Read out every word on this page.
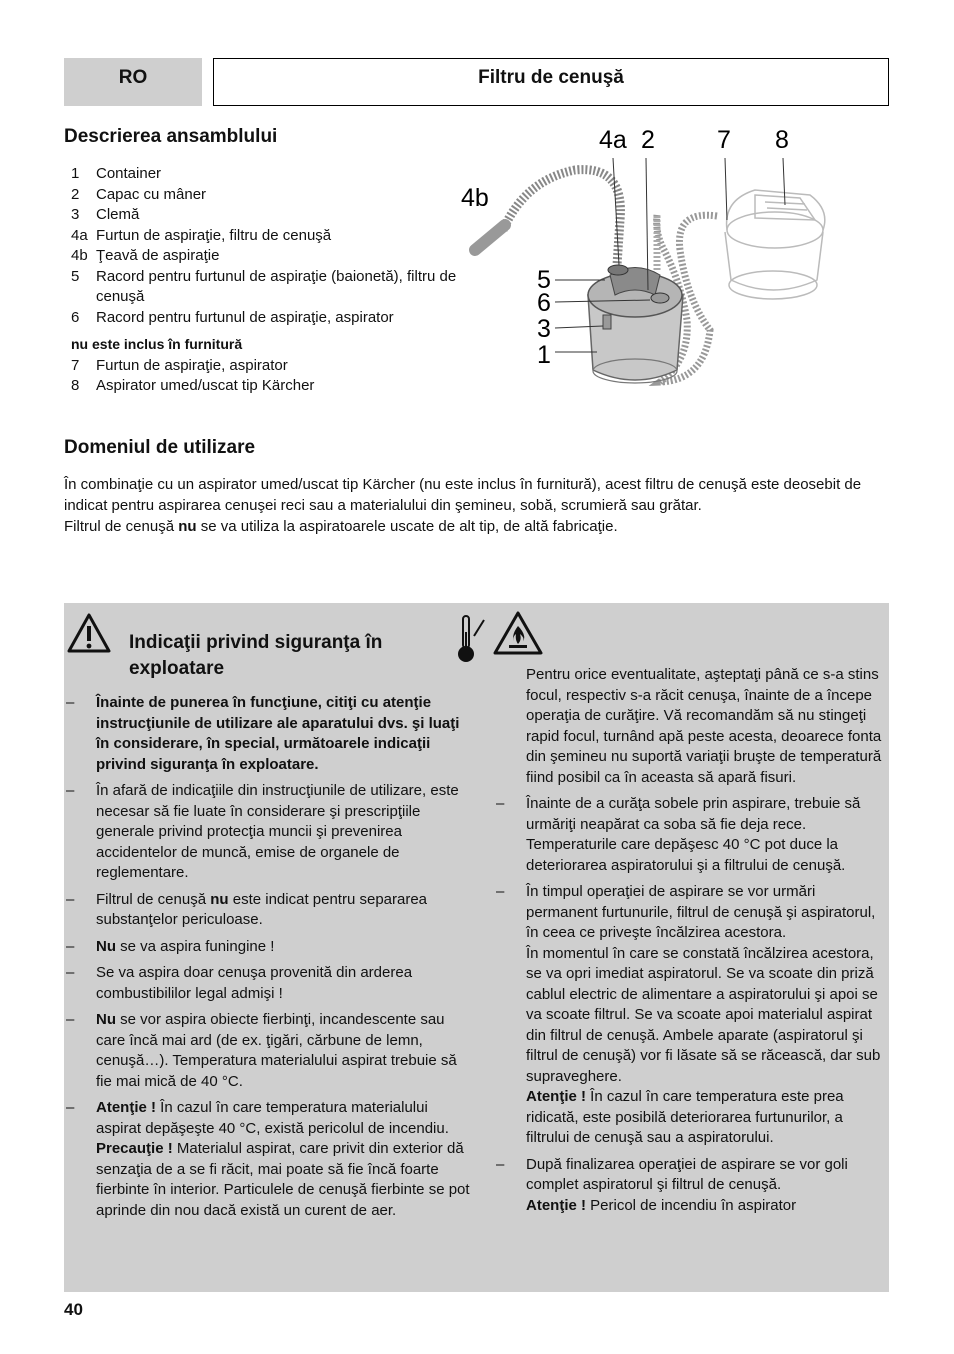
RO	Filtru de cenuşă
Descrierea ansamblului
1	Container
2	Capac cu mâner
3	Clemă
4a Furtun de aspiraţie, filtru de cenuşă
4b Ţeavă de aspiraţie
5	Racord pentru furtunul de aspiraţie (baionetă), filtru de cenuşă
6	Racord pentru furtunul de aspiraţie, aspirator
nu este inclus în furnitură
7	Furtun de aspiraţie, aspirator
8	Aspirator umed/uscat tip Kärcher
4a 2 7 8
4b
5
6
3
1
Domeniul de utilizare
În combinaţie cu un aspirator umed/uscat tip Kärcher (nu este inclus în furnitură), acest filtru de cenuşă este deosebit de indicat pentru aspirarea cenuşei reci sau a materialului din şemineu, sobă, scrumieră sau grătar.
Filtrul de cenuşă nu se va utiliza la aspiratoarele uscate de alt tip, de altă fabricaţie.
Indicaţii privind siguranţa în exploatare
–	Înainte de punerea în funcţiune, citiţi cu atenţie instrucţiunile de utilizare ale aparatului dvs. şi luaţi în considerare, în special, următoarele indicaţii privind siguranţa în exploatare.
–	În afară de indicaţiile din instrucţiunile de utilizare, este necesar să fie luate în considerare şi prescripţiile generale privind protecţia muncii şi prevenirea accidentelor de muncă, emise de organele de reglementare.
–	Filtrul de cenuşă nu este indicat pentru separarea substanţelor periculoase.
–	Nu se va aspira funingine !
–	Se va aspira doar cenuşa provenită din arderea combustibililor legal admişi !
–	Nu se vor aspira obiecte fierbinţi, incandescente sau care încă mai ard (de ex. ţigări, cărbune de lemn, cenuşă…). Temperatura materialului aspirat trebuie să fie mai mică de 40 °C.
–	Atenţie ! În cazul în care temperatura materialului aspirat depăşeşte 40 °C, există pericolul de incendiu.

Precauţie ! Materialul aspirat, care privit din exterior dă senzaţia de a se fi răcit, mai poate să fie încă foarte fierbinte în interior. Particulele de cenuşă fierbinte se pot aprinde din nou dacă există un curent de aer.

Pentru orice eventualitate, aşteptaţi până ce s-a stins focul, respectiv s-a răcit cenuşa, înainte de a începe operaţia de curăţire. Vă recomandăm să nu stingeţi rapid focul, turnând apă peste acesta, deoarece fonta din şemineu nu suportă variaţii bruşte de temperatură fiind posibil ca în aceasta să apară fisuri.
–	Înainte de a curăţa sobele prin aspirare, trebuie să urmăriţi neapărat ca soba să fie deja rece. Temperaturile care depăşesc 40 °C pot duce la deteriorarea aspiratorului şi a filtrului de cenuşă.
–	În timpul operaţiei de aspirare se vor urmări permanent furtunurile, filtrul de cenuşă şi aspiratorul, în ceea ce priveşte încălzirea acestora.

În momentul în care se constată încălzirea acestora, se va opri imediat aspiratorul. Se va scoate din priză cablul electric de alimentare a aspiratorului şi apoi se va scoate filtrul. Se va scoate apoi materialul aspirat din filtrul de cenuşă. Ambele aparate (aspiratorul şi filtrul de cenuşă) vor fi lăsate să se răcească, dar sub supraveghere.

Atenţie ! În cazul în care temperatura este prea ridicată, este posibilă deteriorarea furtunurilor, a filtrului de cenuşă sau a aspiratorului.

–	După finalizarea operaţiei de aspirare se vor goli complet aspiratorul şi filtrul de cenuşă.

Atenţie ! Pericol de incendiu în aspirator

40
